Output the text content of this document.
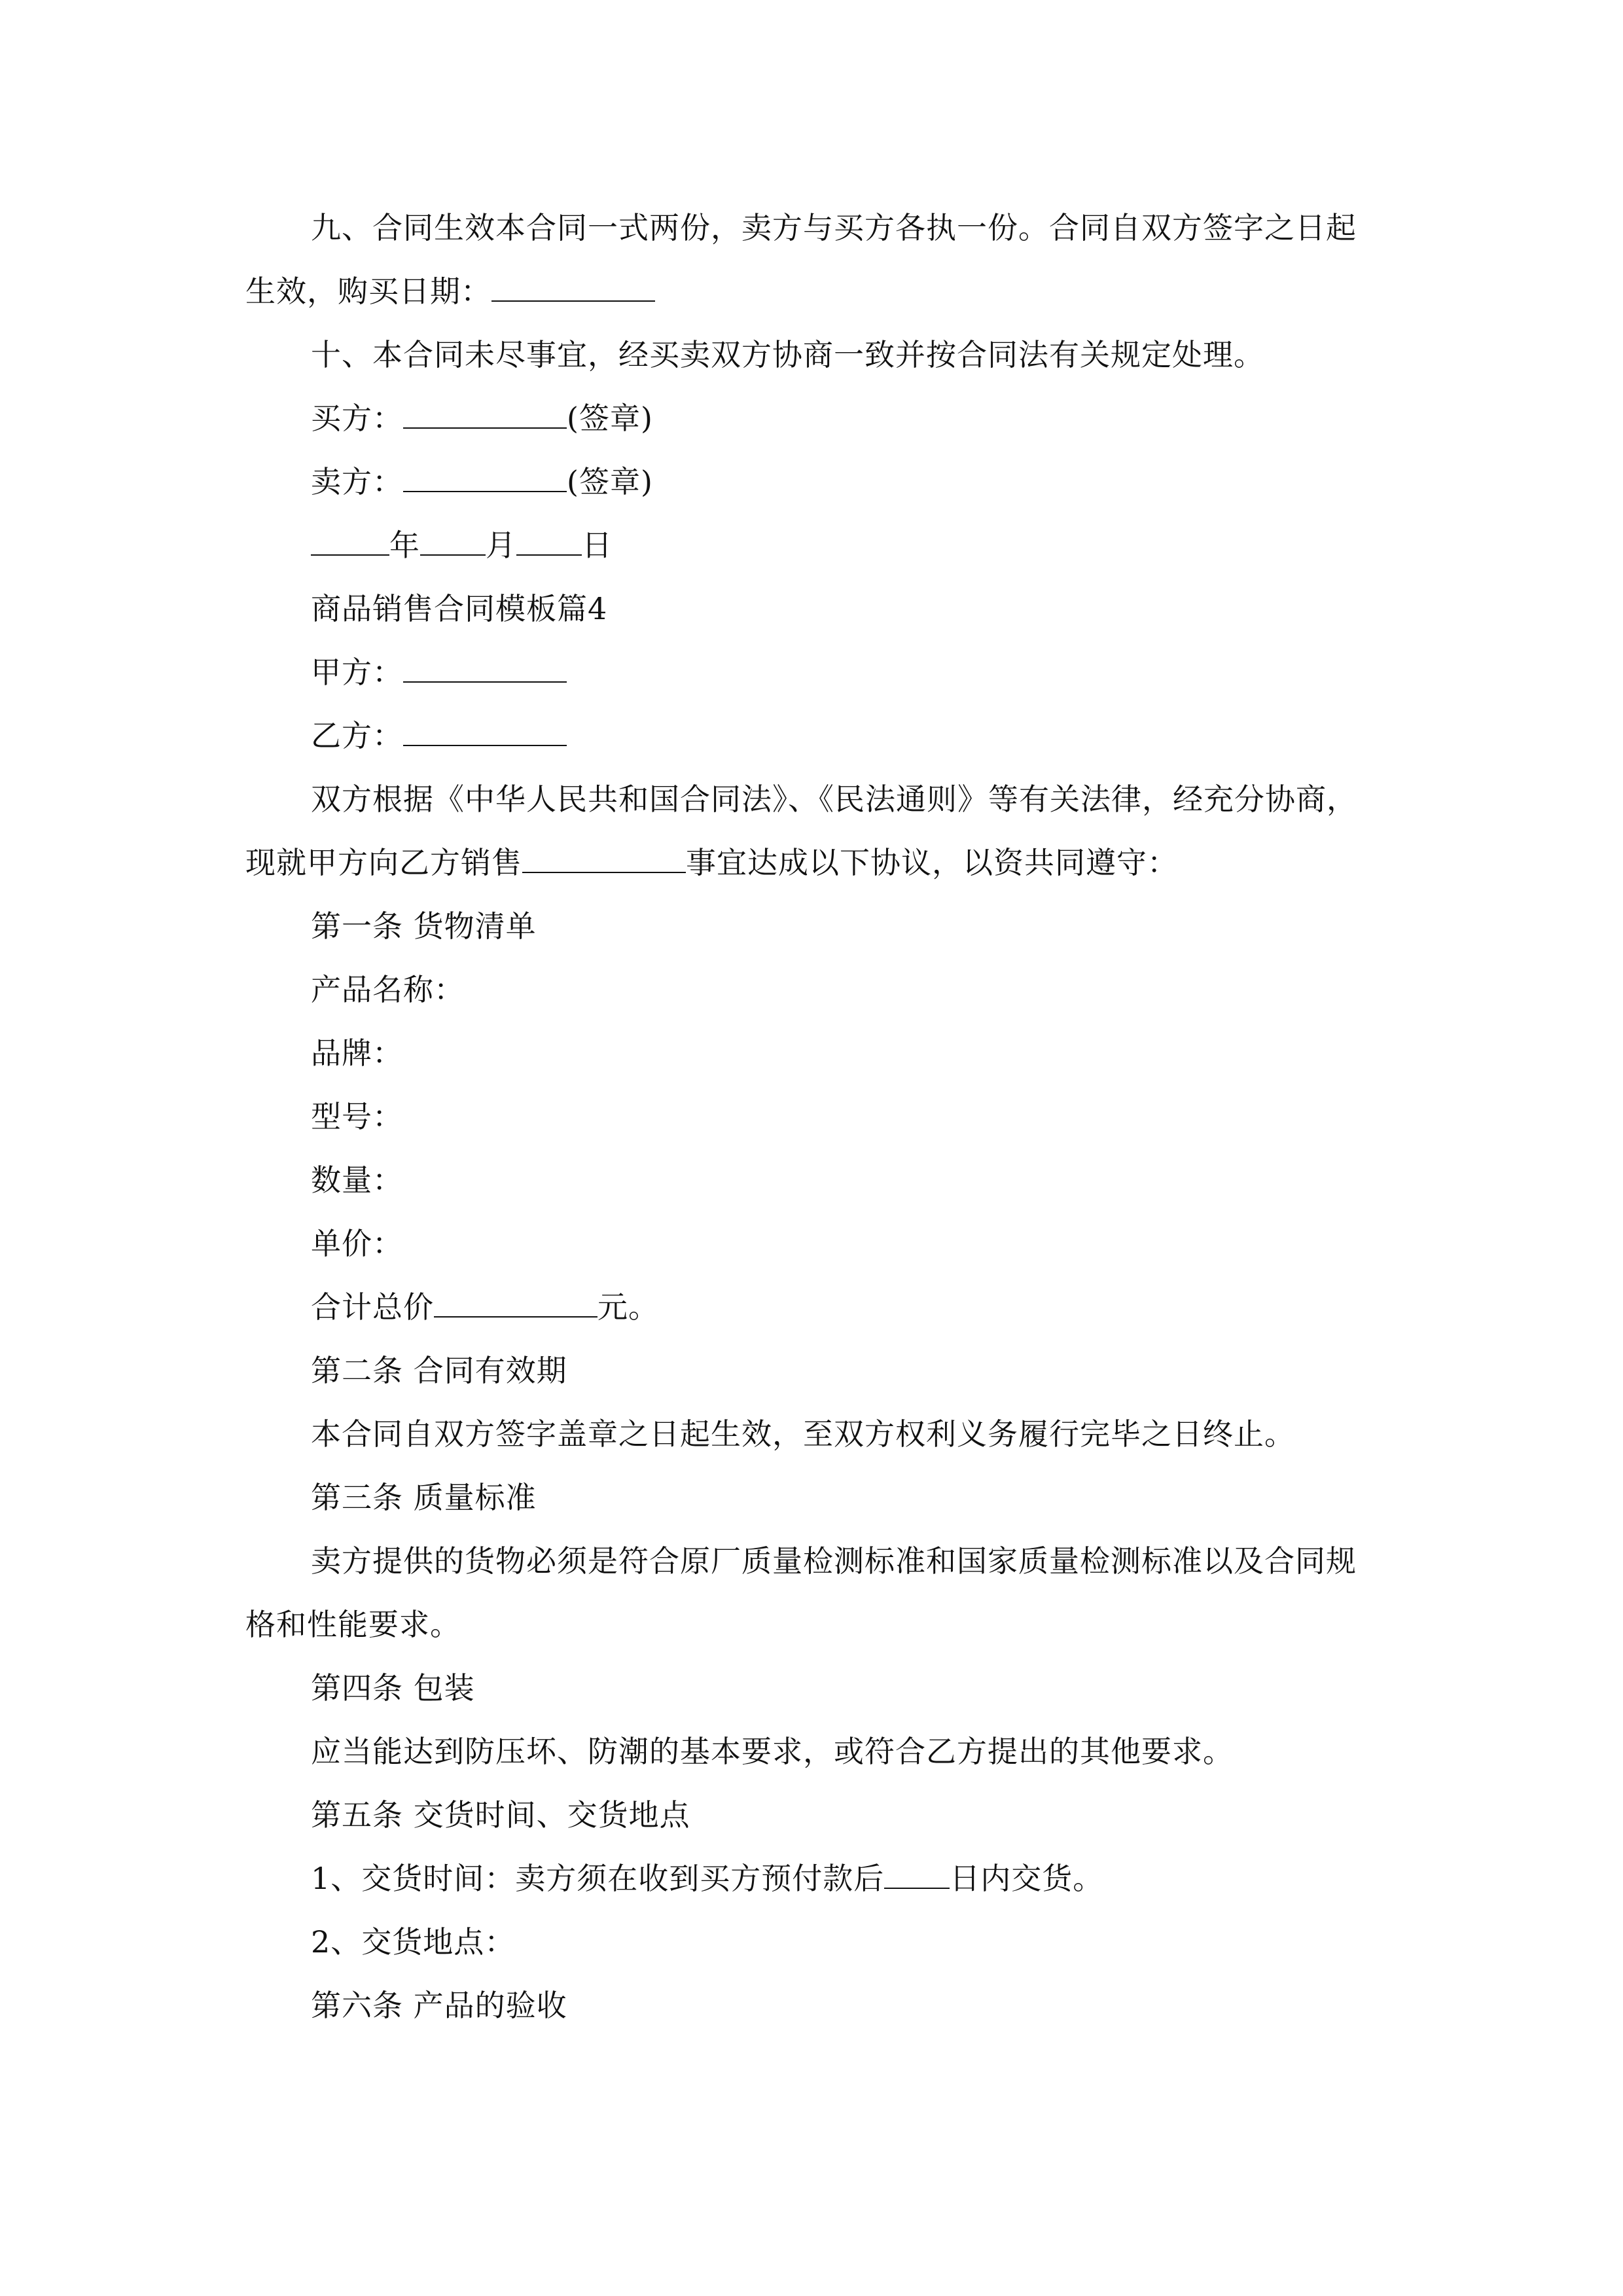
九、合同生效本合同一式两份，卖方与买方各执一份。合同自双方签字之日起生效，购买日期：

十、本合同未尽事宜，经买卖双方协商一致并按合同法有关规定处理。

买方：	(签章)

卖方：	(签章)

年 月 日

商品销售合同模板篇4

甲方：

乙方：

双方根据《中华人民共和国合同法》、《民法通则》等有关法律，经充分协商，现就甲方向乙方销售	事宜达成以下协议，以资共同遵守：

第一条 货物清单

产品名称：

品牌：

型号：

数量：

单价：

合计总价	元。

第二条 合同有效期

本合同自双方签字盖章之日起生效，至双方权利义务履行完毕之日终止。

第三条 质量标准

卖方提供的货物必须是符合原厂质量检测标准和国家质量检测标准以及合同规格和性能要求。

第四条 包装

应当能达到防压坏、防潮的基本要求，或符合乙方提出的其他要求。

第五条 交货时间、交货地点

1、交货时间：卖方须在收到买方预付款后 日内交货。

2、交货地点：

第六条 产品的验收
